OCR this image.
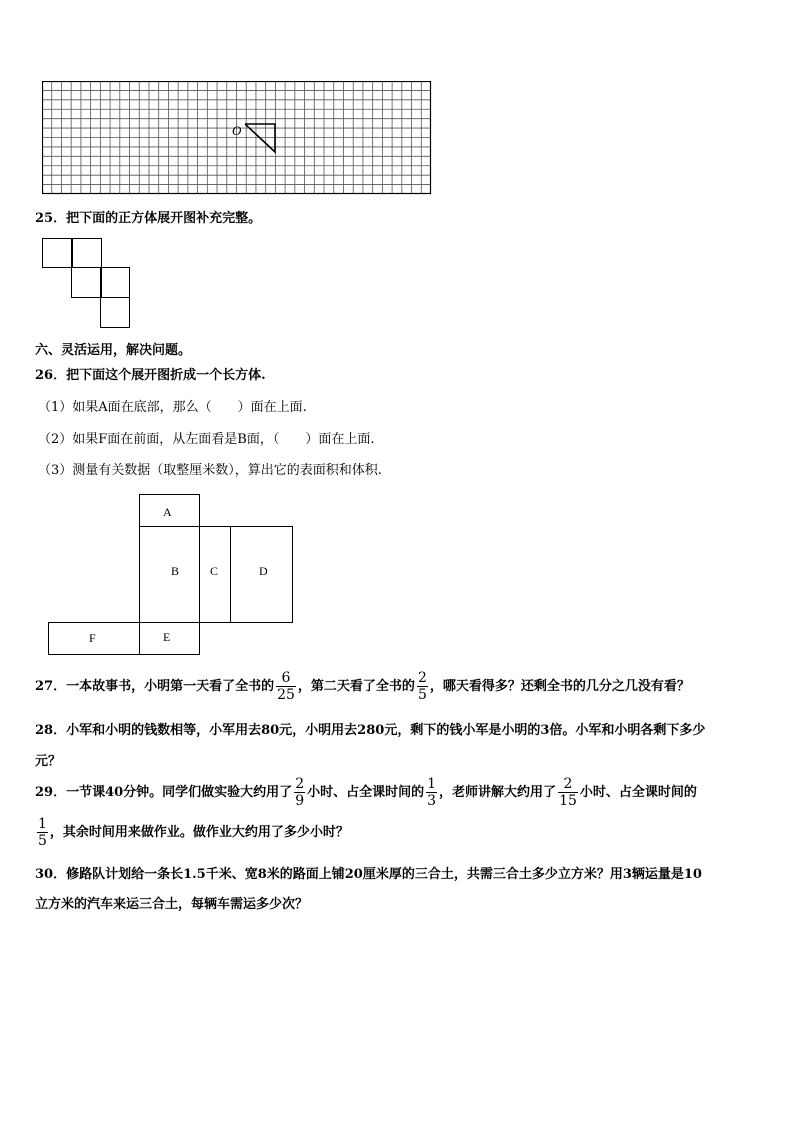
O
25．把下面的正方体展开图补充完整。
六、灵活运用，解决问题。
26．把下面这个展开图折成一个长方体.
（1）如果A面在底部，那么（　　）面在上面.
（2）如果F面在前面，从左面看是B面，（　　）面在上面.
（3）测量有关数据（取整厘米数），算出它的表面积和体积.
A
B	C	D
F	E
27．一本故事书，小明第一天看了全书的 $\frac{6}{25}$ ，第二天看了全书的 $\frac{2}{5}$ ，哪天看得多？还剩全书的几分之几没有看？
28．小军和小明的钱数相等，小军用去80元，小明用去280元，剩下的钱小军是小明的3倍。小军和小明各剩下多少
元？
29．一节课40分钟。同学们做实验大约用了 $\frac{2}{9}$ 小时、占全课时间的 $\frac{1}{3}$ ，老师讲解大约用了 $\frac{2}{15}$ 小时、占全课时间的
$\frac{1}{5}$ ，其余时间用来做作业。做作业大约用了多少小时？
30．修路队计划给一条长1.5千米、宽8米的路面上铺20厘米厚的三合土，共需三合土多少立方米？用3辆运量是10
立方米的汽车来运三合土，每辆车需运多少次？
